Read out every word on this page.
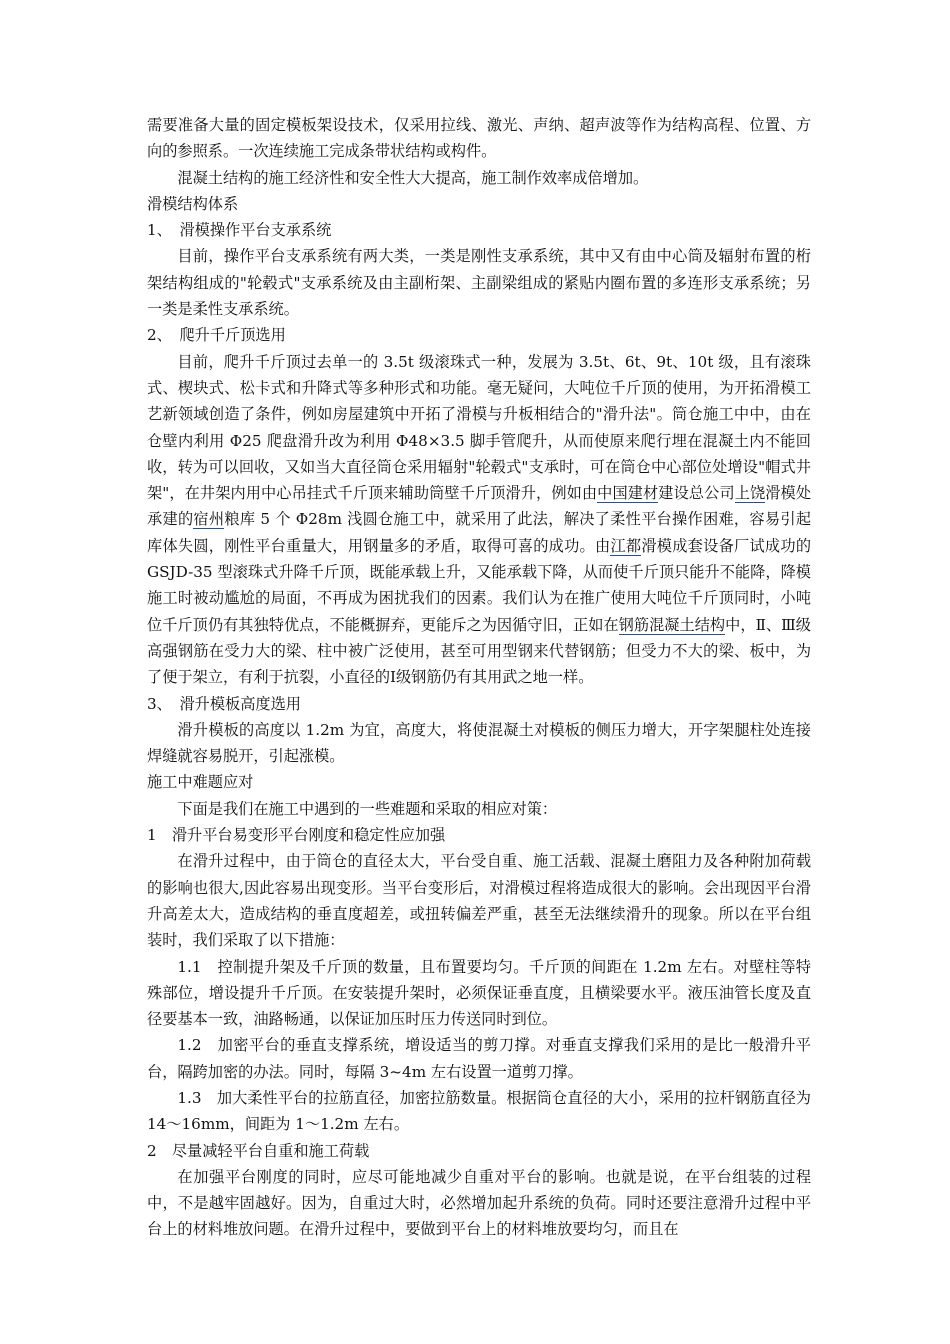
需要准备大量的固定模板架设技术，仅采用拉线、激光、声纳、超声波等作为结构高程、位置、方向的参照系。一次连续施工完成条带状结构或构件。

混凝土结构的施工经济性和安全性大大提高，施工制作效率成倍增加。

滑模结构体系

1、　滑模操作平台支承系统

目前，操作平台支承系统有两大类，一类是刚性支承系统，其中又有由中心筒及辐射布置的桁架结构组成的"轮毂式"支承系统及由主副桁架、主副梁组成的紧贴内圈布置的多连形支承系统；另一类是柔性支承系统。

2、　爬升千斤顶选用

目前，爬升千斤顶过去单一的 3.5t 级滚珠式一种，发展为 3.5t、6t、9t、10t 级，且有滚珠式、楔块式、松卡式和升降式等多种形式和功能。毫无疑问，大吨位千斤顶的使用，为开拓滑模工艺新领域创造了条件，例如房屋建筑中开拓了滑模与升板相结合的"滑升法"。筒仓施工中中，由在仓壁内利用 Φ25 爬盘滑升改为利用 Φ48×3.5 脚手管爬升，从而使原来爬行埋在混凝土内不能回收，转为可以回收，又如当大直径筒仓采用辐射"轮毂式"支承时，可在筒仓中心部位处增设"帽式井架"，在井架内用中心吊挂式千斤顶来辅助筒壁千斤顶滑升，例如由中国建材建设总公司上饶滑模处承建的宿州粮库 5 个 Φ28m 浅圆仓施工中，就采用了此法，解决了柔性平台操作困难，容易引起库体失圆，刚性平台重量大，用钢量多的矛盾，取得可喜的成功。由江都滑模成套设备厂试成功的 GSJD-35 型滚珠式升降千斤顶，既能承载上升，又能承载下降，从而使千斤顶只能升不能降，降模施工时被动尴尬的局面，不再成为困扰我们的因素。我们认为在推广使用大吨位千斤顶同时，小吨位千斤顶仍有其独特优点，不能概摒弃，更能斥之为因循守旧，正如在钢筋混凝土结构中，Ⅱ、Ⅲ级高强钢筋在受力大的梁、柱中被广泛使用，甚至可用型钢来代替钢筋；但受力不大的梁、板中，为了便于架立，有利于抗裂，小直径的Ⅰ级钢筋仍有其用武之地一样。

3、　滑升模板高度选用

滑升模板的高度以 1.2m 为宜，高度大，将使混凝土对模板的侧压力增大，开字架腿柱处连接焊缝就容易脱开，引起涨模。

施工中难题应对

下面是我们在施工中遇到的一些难题和采取的相应对策：

1　滑升平台易变形平台刚度和稳定性应加强

在滑升过程中，由于筒仓的直径太大，平台受自重、施工活载、混凝土磨阻力及各种附加荷载的影响也很大,因此容易出现变形。当平台变形后，对滑模过程将造成很大的影响。会出现因平台滑升高差太大，造成结构的垂直度超差，或扭转偏差严重，甚至无法继续滑升的现象。所以在平台组装时，我们采取了以下措施：

1.1　控制提升架及千斤顶的数量，且布置要均匀。千斤顶的间距在 1.2m 左右。对壁柱等特殊部位，增设提升千斤顶。在安装提升架时，必须保证垂直度，且横梁要水平。液压油管长度及直径要基本一致，油路畅通，以保证加压时压力传送同时到位。

1.2　加密平台的垂直支撑系统，增设适当的剪刀撑。对垂直支撑我们采用的是比一般滑升平台，隔跨加密的办法。同时，每隔 3~4m 左右设置一道剪刀撑。

1.3　加大柔性平台的拉筋直径，加密拉筋数量。根据筒仓直径的大小，采用的拉杆钢筋直径为 14～16mm，间距为 1～1.2m 左右。

2　尽量减轻平台自重和施工荷载

在加强平台刚度的同时，应尽可能地减少自重对平台的影响。也就是说，在平台组装的过程中，不是越牢固越好。因为，自重过大时，必然增加起升系统的负荷。同时还要注意滑升过程中平台上的材料堆放问题。在滑升过程中，要做到平台上的材料堆放要均匀，而且在
